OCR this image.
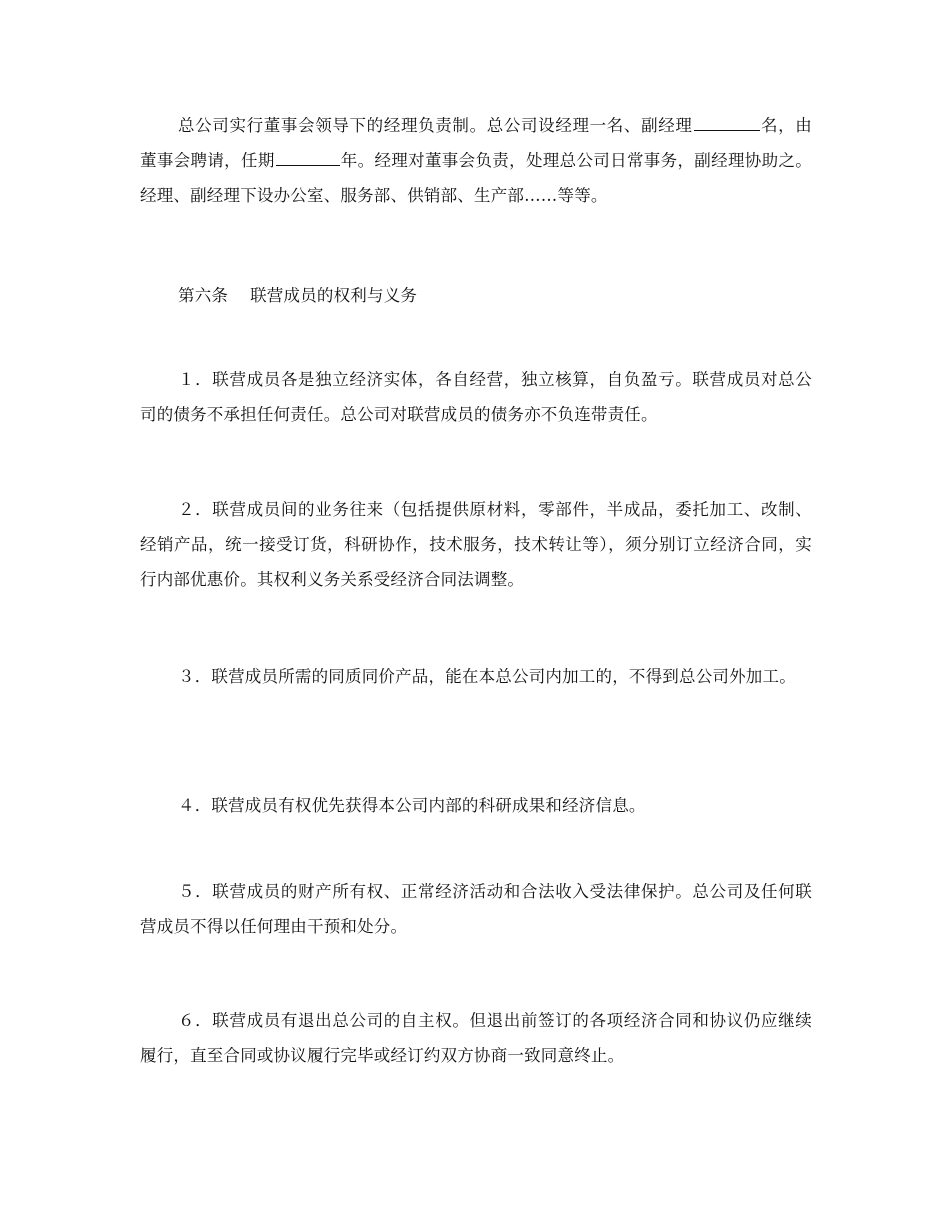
总公司实行董事会领导下的经理负责制。总公司设经理一名、副经理	名，由董事会聘请，任期	年。经理对董事会负责，处理总公司日常事务，副经理协助之。经理、副经理下设办公室、服务部、供销部、生产部……等等。

第六条 联营成员的权利与义务

１．联营成员各是独立经济实体，各自经营，独立核算，自负盈亏。联营成员对总公司的债务不承担任何责任。总公司对联营成员的债务亦不负连带责任。

２．联营成员间的业务往来（包括提供原材料，零部件，半成品，委托加工、改制、经销产品，统一接受订货，科研协作，技术服务，技术转让等），须分别订立经济合同，实行内部优惠价。其权利义务关系受经济合同法调整。

３．联营成员所需的同质同价产品，能在本总公司内加工的，不得到总公司外加工。

４．联营成员有权优先获得本公司内部的科研成果和经济信息。

５．联营成员的财产所有权、正常经济活动和合法收入受法律保护。总公司及任何联营成员不得以任何理由干预和处分。

６．联营成员有退出总公司的自主权。但退出前签订的各项经济合同和协议仍应继续履行，直至合同或协议履行完毕或经订约双方协商一致同意终止。
